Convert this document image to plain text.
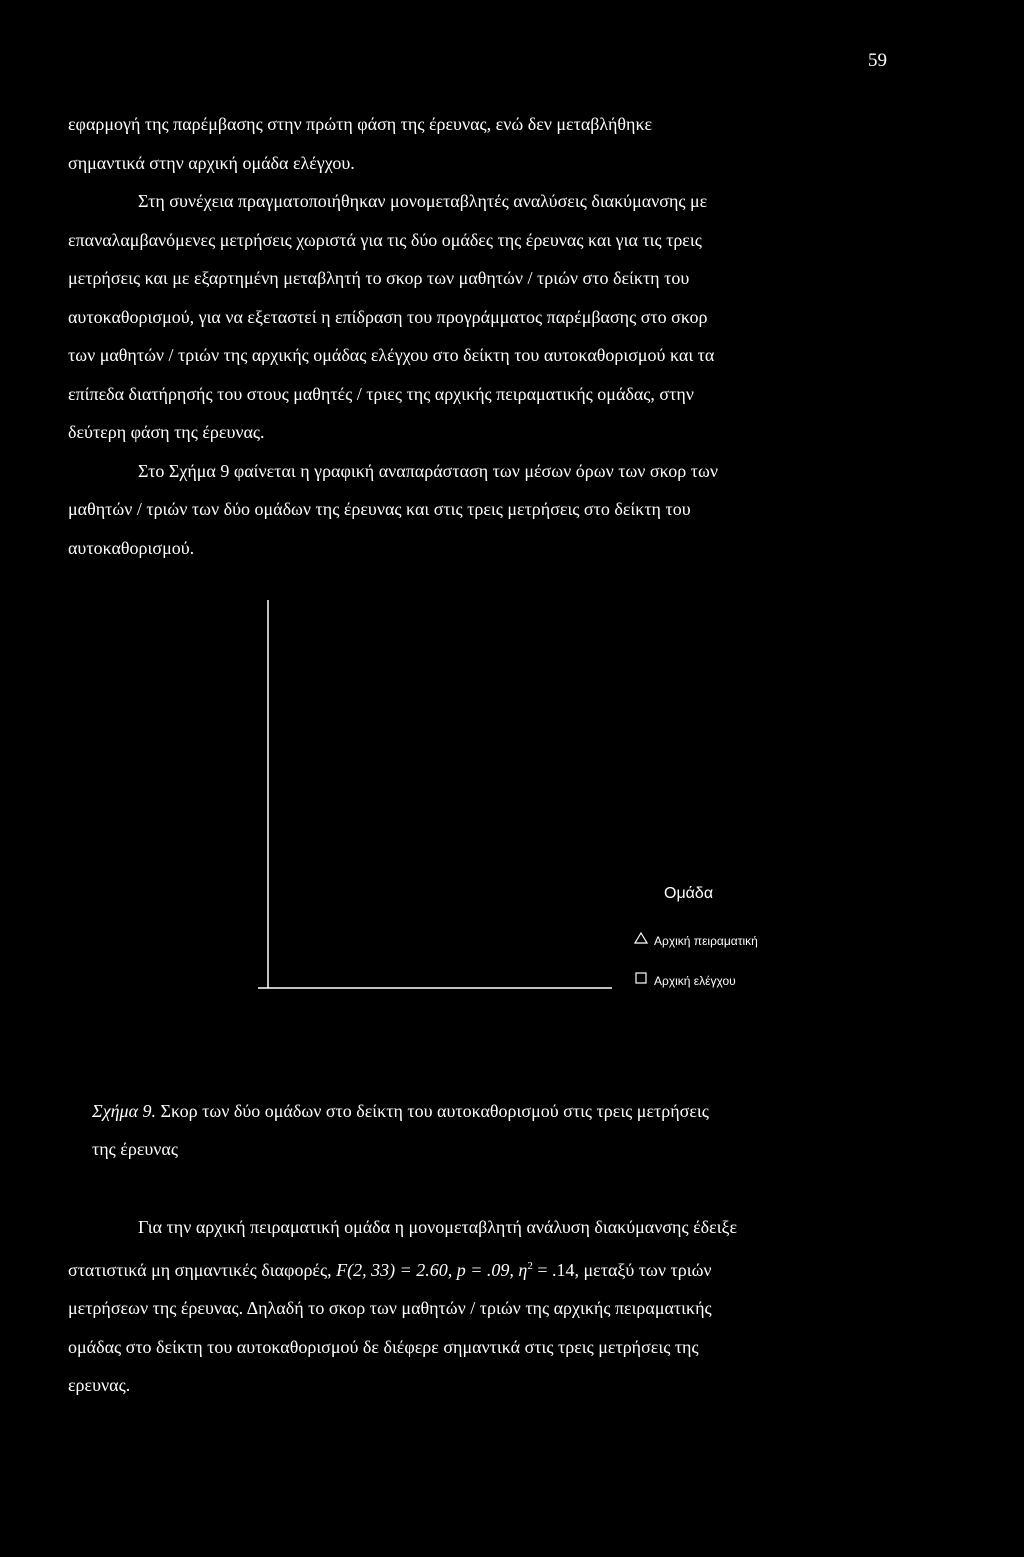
59
εφαρμογή της παρέμβασης στην πρώτη φάση της έρευνας, ενώ δεν μεταβλήθηκε
σημαντικά στην αρχική ομάδα ελέγχου.
Στη συνέχεια πραγματοποιήθηκαν μονομεταβλητές αναλύσεις διακύμανσης με
επαναλαμβανόμενες μετρήσεις χωριστά για τις δύο ομάδες της έρευνας και για τις τρεις
μετρήσεις και με εξαρτημένη μεταβλητή το σκορ των μαθητών / τριών στο δείκτη του
αυτοκαθορισμού, για να εξεταστεί η επίδραση του προγράμματος παρέμβασης στο σκορ
των μαθητών / τριών της αρχικής ομάδας ελέγχου στο δείκτη του αυτοκαθορισμού και τα
επίπεδα διατήρησής του στους μαθητές / τριες της αρχικής πειραματικής ομάδας, στην
δεύτερη φάση της έρευνας.
Στο Σχήμα 9 φαίνεται η γραφική αναπαράσταση των μέσων όρων των σκορ των
μαθητών / τριών των δύο ομάδων της έρευνας και στις τρεις μετρήσεις στο δείκτη του
αυτοκαθορισμού.
Ομάδα
Αρχική πειραματική
Αρχική ελέγχου
Σχήμα 9. Σκορ των δύο ομάδων στο δείκτη του αυτοκαθορισμού στις τρεις μετρήσεις
της έρευνας
Για την αρχική πειραματική ομάδα η μονομεταβλητή ανάλυση διακύμανσης έδειξε
στατιστικά μη σημαντικές διαφορές, F(2, 33) = 2.60, p = .09, $\eta^2 = .14$, μεταξύ των τριών
μετρήσεων της έρευνας. Δηλαδή το σκορ των μαθητών / τριών της αρχικής πειραματικής
ομάδας στο δείκτη του αυτοκαθορισμού δε διέφερε σημαντικά στις τρεις μετρήσεις της
ερευνας.
